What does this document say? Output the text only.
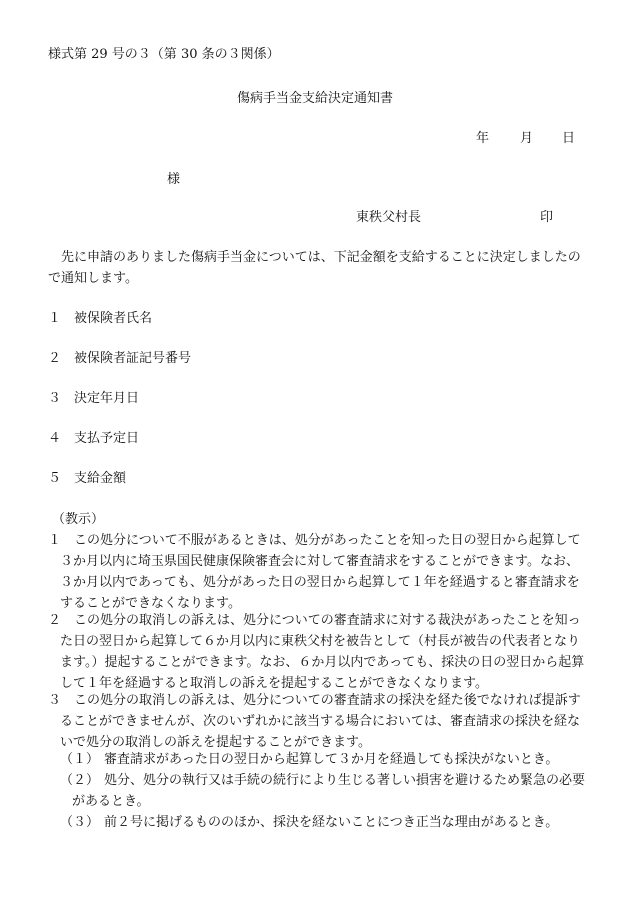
様式第 29 号の３（第 30 条の３関係）
傷病手当金支給決定通知書
年 月 日
様
東秩父村長	印
先に申請のありました傷病手当金については、下記金額を支給することに決定しましたので通知します。
１ 被保険者氏名
２ 被保険者証記号番号
３ 決定年月日
４ 支払予定日
５ 支給金額
（教示）
１ この処分について不服があるときは、処分があったことを知った日の翌日から起算して３か月以内に埼玉県国民健康保険審査会に対して審査請求をすることができます。なお、３か月以内であっても、処分があった日の翌日から起算して１年を経過すると審査請求をすることができなくなります。
２ この処分の取消しの訴えは、処分についての審査請求に対する裁決があったことを知った日の翌日から起算して６か月以内に東秩父村を被告として（村長が被告の代表者となります。）提起することができます。なお、６か月以内であっても、採決の日の翌日から起算して１年を経過すると取消しの訴えを提起することができなくなります。
３ この処分の取消しの訴えは、処分についての審査請求の採決を経た後でなければ提訴することができませんが、次のいずれかに該当する場合においては、審査請求の採決を経ないで処分の取消しの訴えを提起することができます。
（１） 審査請求があった日の翌日から起算して３か月を経過しても採決がないとき。
（２） 処分、処分の執行又は手続の続行により生じる著しい損害を避けるため緊急の必要があるとき。
（３） 前２号に掲げるもののほか、採決を経ないことにつき正当な理由があるとき。
